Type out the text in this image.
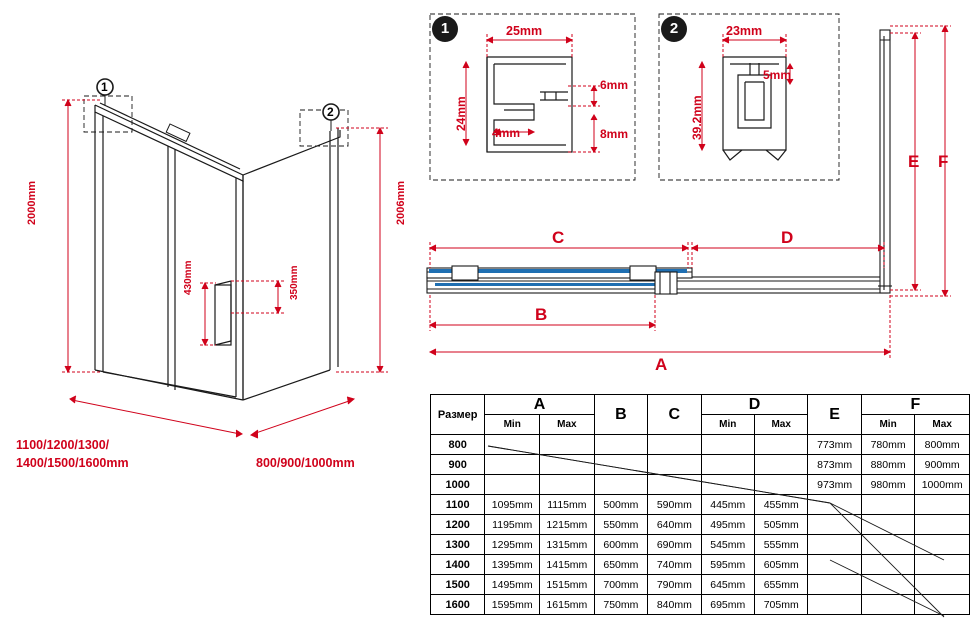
1
2
2000mm	2006mm
430mm	350mm
1100/1200/1300/
1400/1500/1600mm	800/900/1000mm
1	25mm
24mm
4mm
6mm
8mm
2	23mm
39.2mm
5mm
C	D
B
A
E F
Размер	A		B	C	D		E	F	
	Min	Max			Min	Max		Min	Max
800							773mm	780mm	800mm
900							873mm	880mm	900mm
1000							973mm	980mm	1000mm
1100	1095mm	1115mm	500mm	590mm	445mm	455mm			
1200	1195mm	1215mm	550mm	640mm	495mm	505mm			
1300	1295mm	1315mm	600mm	690mm	545mm	555mm			
1400	1395mm	1415mm	650mm	740mm	595mm	605mm			
1500	1495mm	1515mm	700mm	790mm	645mm	655mm			
1600	1595mm	1615mm	750mm	840mm	695mm	705mm			
